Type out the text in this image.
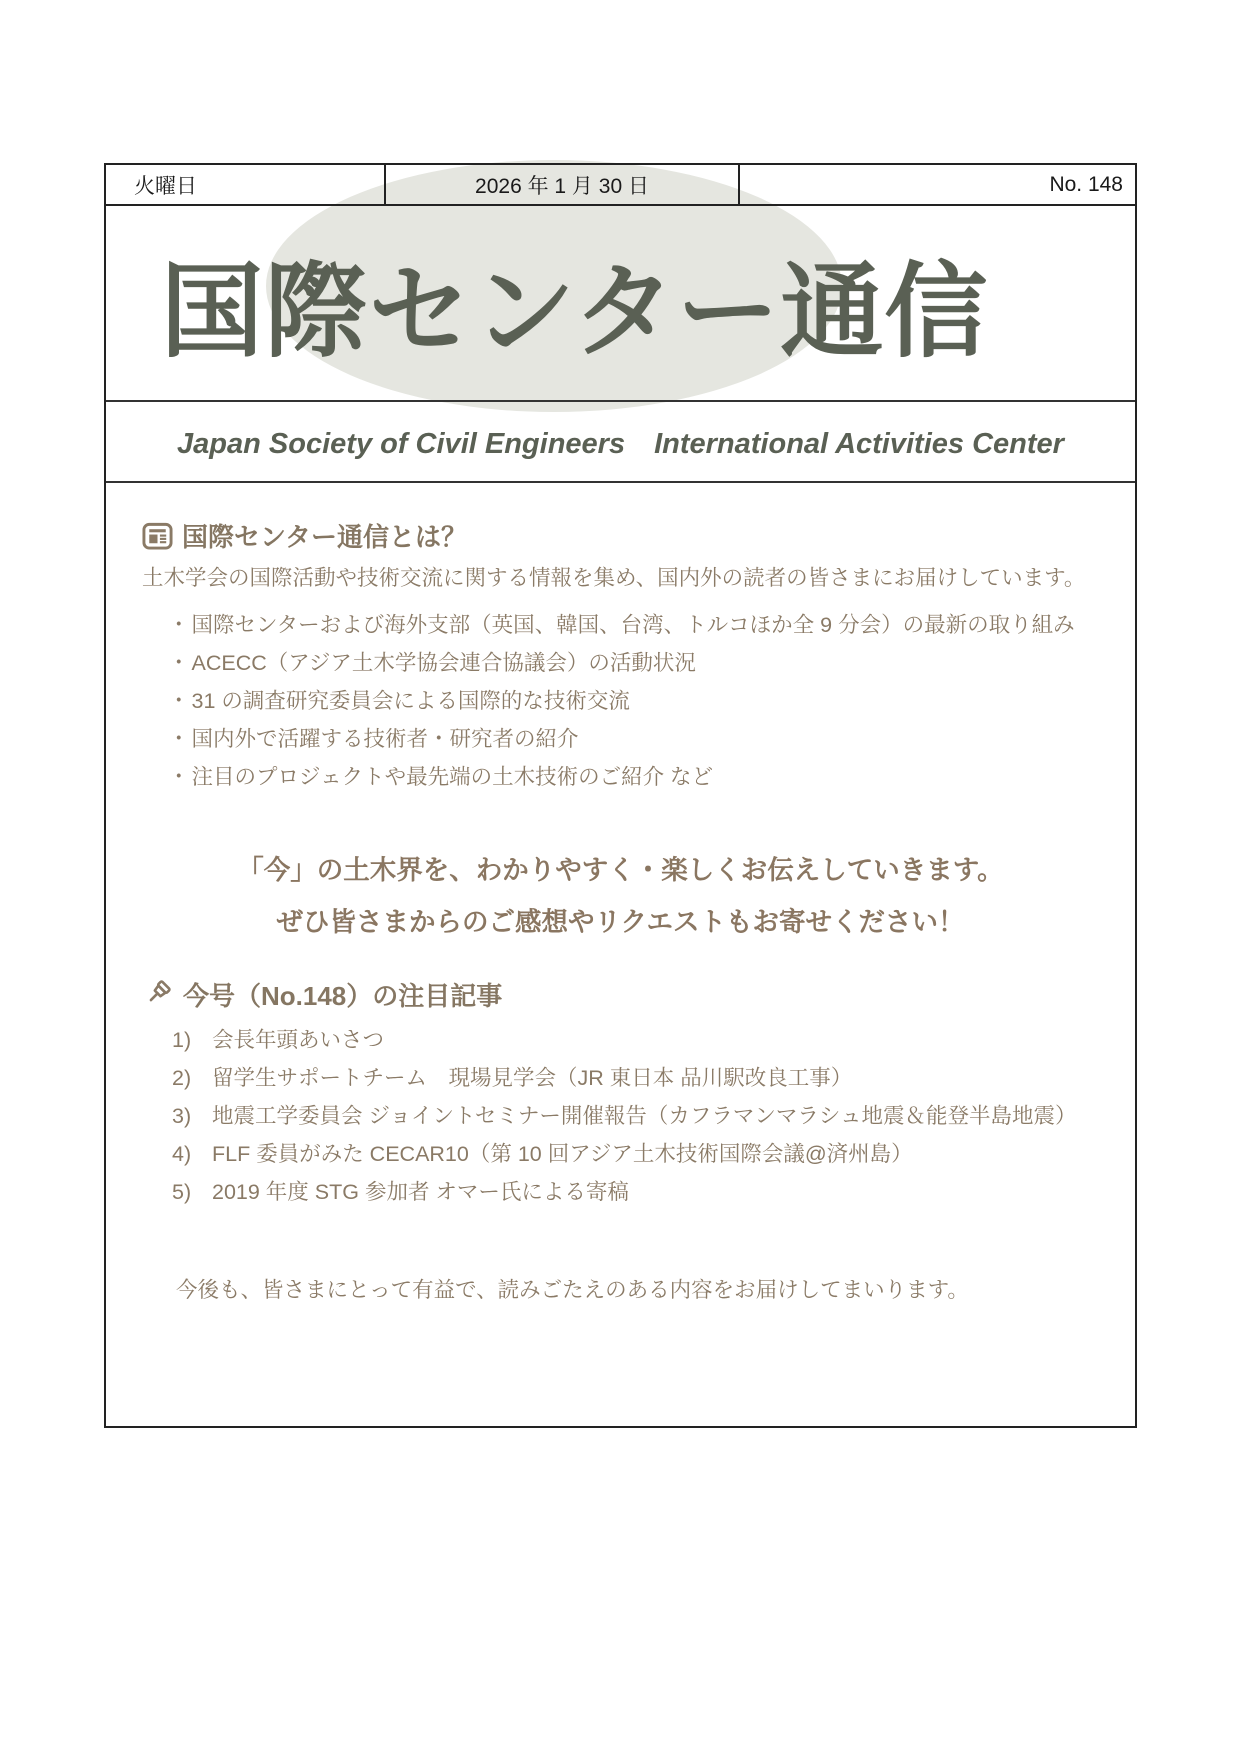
火曜日	2026 年 1 月 30 日	No. 148
国際センター通信
Japan Society of Civil Engineers　International Activities Center
国際センター通信とは？
土木学会の国際活動や技術交流に関する情報を集め、国内外の読者の皆さまにお届けしています。
・国際センターおよび海外支部（英国、韓国、台湾、トルコほか全 9 分会）の最新の取り組み
・ACECC（アジア土木学協会連合協議会）の活動状況
・31 の調査研究委員会による国際的な技術交流
・国内外で活躍する技術者・研究者の紹介
・注目のプロジェクトや最先端の土木技術のご紹介 など
「今」の土木界を、わかりやすく・楽しくお伝えしていきます。
ぜひ皆さまからのご感想やリクエストもお寄せください！
今号（No.148）の注目記事
1) 会長年頭あいさつ
2) 留学生サポートチーム　現場見学会（JR 東日本 品川駅改良工事）
3) 地震工学委員会 ジョイントセミナー開催報告（カフラマンマラシュ地震＆能登半島地震）
4) FLF 委員がみた CECAR10（第 10 回アジア土木技術国際会議@済州島）
5) 2019 年度 STG 参加者 オマー氏による寄稿
今後も、皆さまにとって有益で、読みごたえのある内容をお届けしてまいります。
